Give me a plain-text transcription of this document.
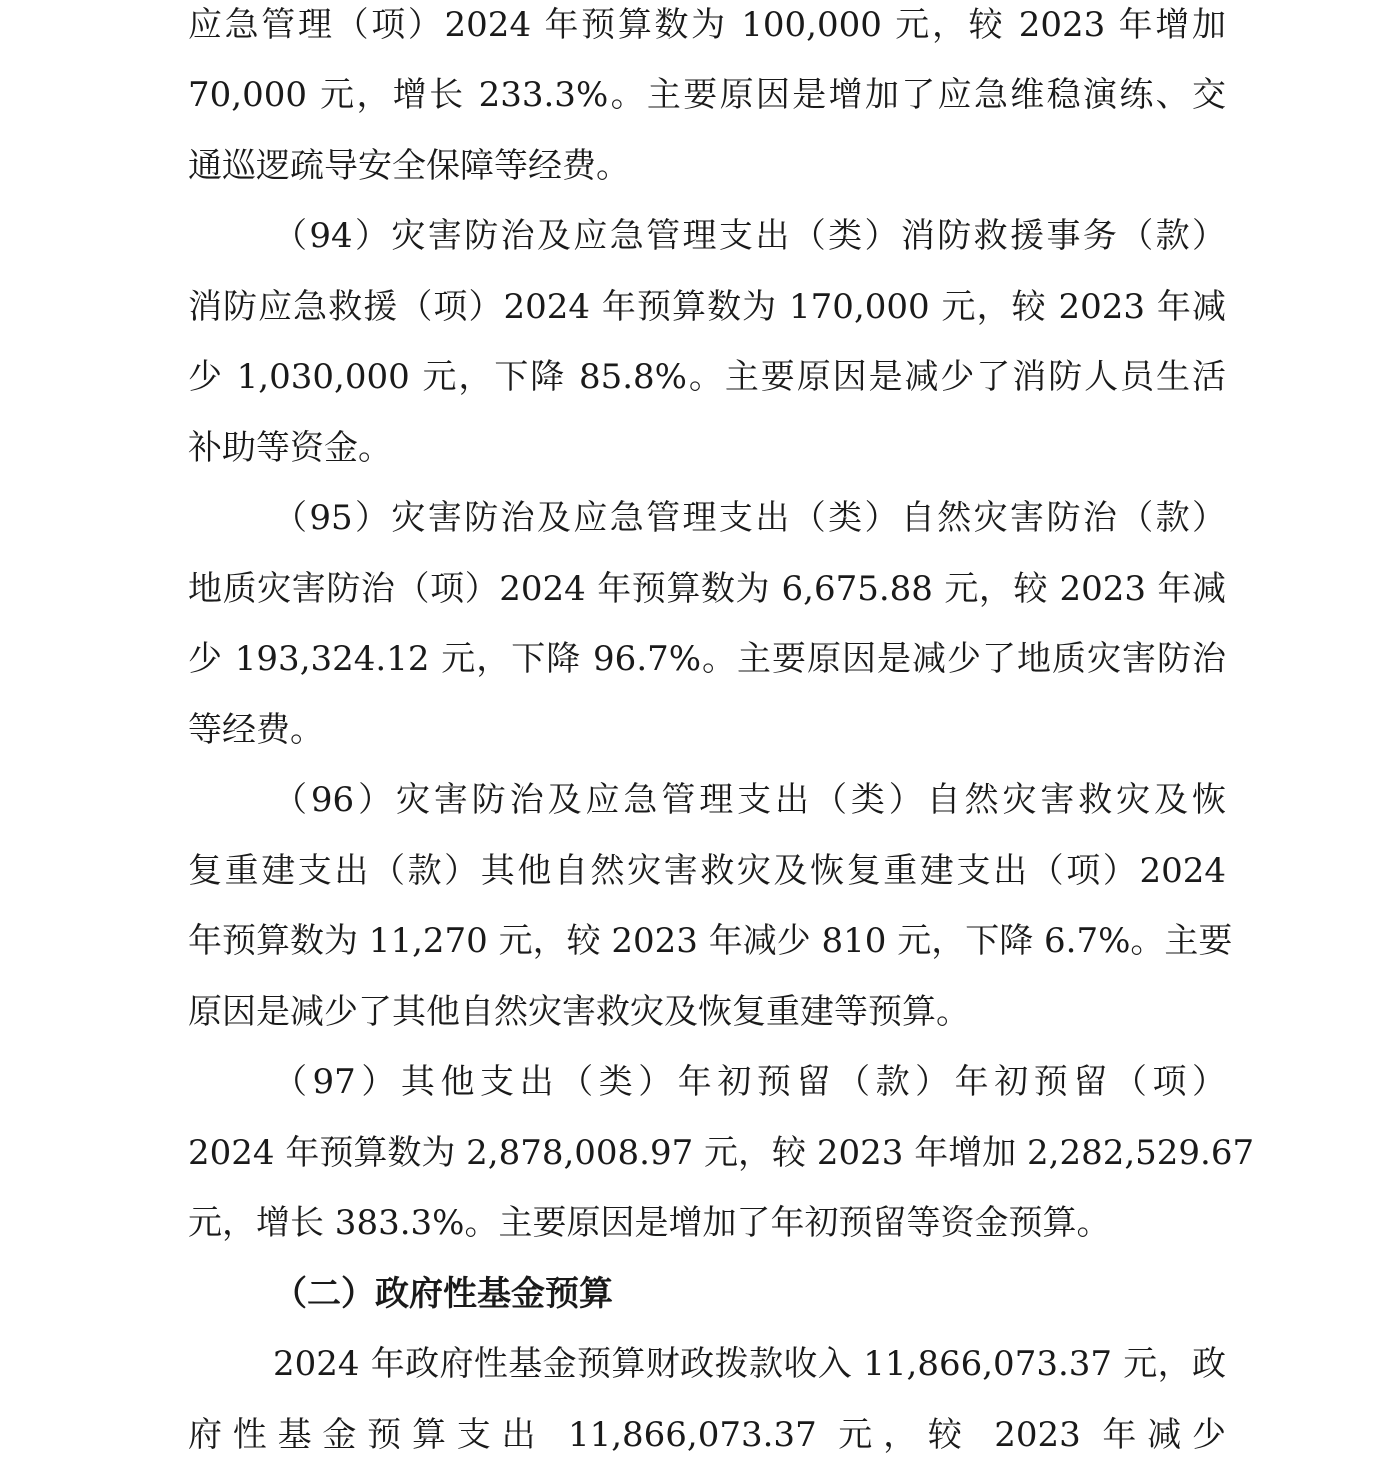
应急管理（项）2024 年预算数为 100,000 元，较 2023 年增加
70,000 元，增长 233.3%。主要原因是增加了应急维稳演练、交
通巡逻疏导安全保障等经费。
（94）灾害防治及应急管理支出（类）消防救援事务（款）
消防应急救援（项）2024 年预算数为 170,000 元，较 2023 年减
少 1,030,000 元，下降 85.8%。主要原因是减少了消防人员生活
补助等资金。
（95）灾害防治及应急管理支出（类）自然灾害防治（款）
地质灾害防治（项）2024 年预算数为 6,675.88 元，较 2023 年减
少 193,324.12 元，下降 96.7%。主要原因是减少了地质灾害防治
等经费。
（96）灾害防治及应急管理支出（类）自然灾害救灾及恢
复重建支出（款）其他自然灾害救灾及恢复重建支出（项）2024
年预算数为 11,270 元，较 2023 年减少 810 元，下降 6.7%。主要
原因是减少了其他自然灾害救灾及恢复重建等预算。
（97）其他支出（类）年初预留（款）年初预留（项）
2024 年预算数为 2,878,008.97 元，较 2023 年增加 2,282,529.67
元，增长 383.3%。主要原因是增加了年初预留等资金预算。
（二）政府性基金预算
2024 年政府性基金预算财政拨款收入 11,866,073.37 元，政
府性基金预算支出 11,866,073.37 元，较 2023 年减少
